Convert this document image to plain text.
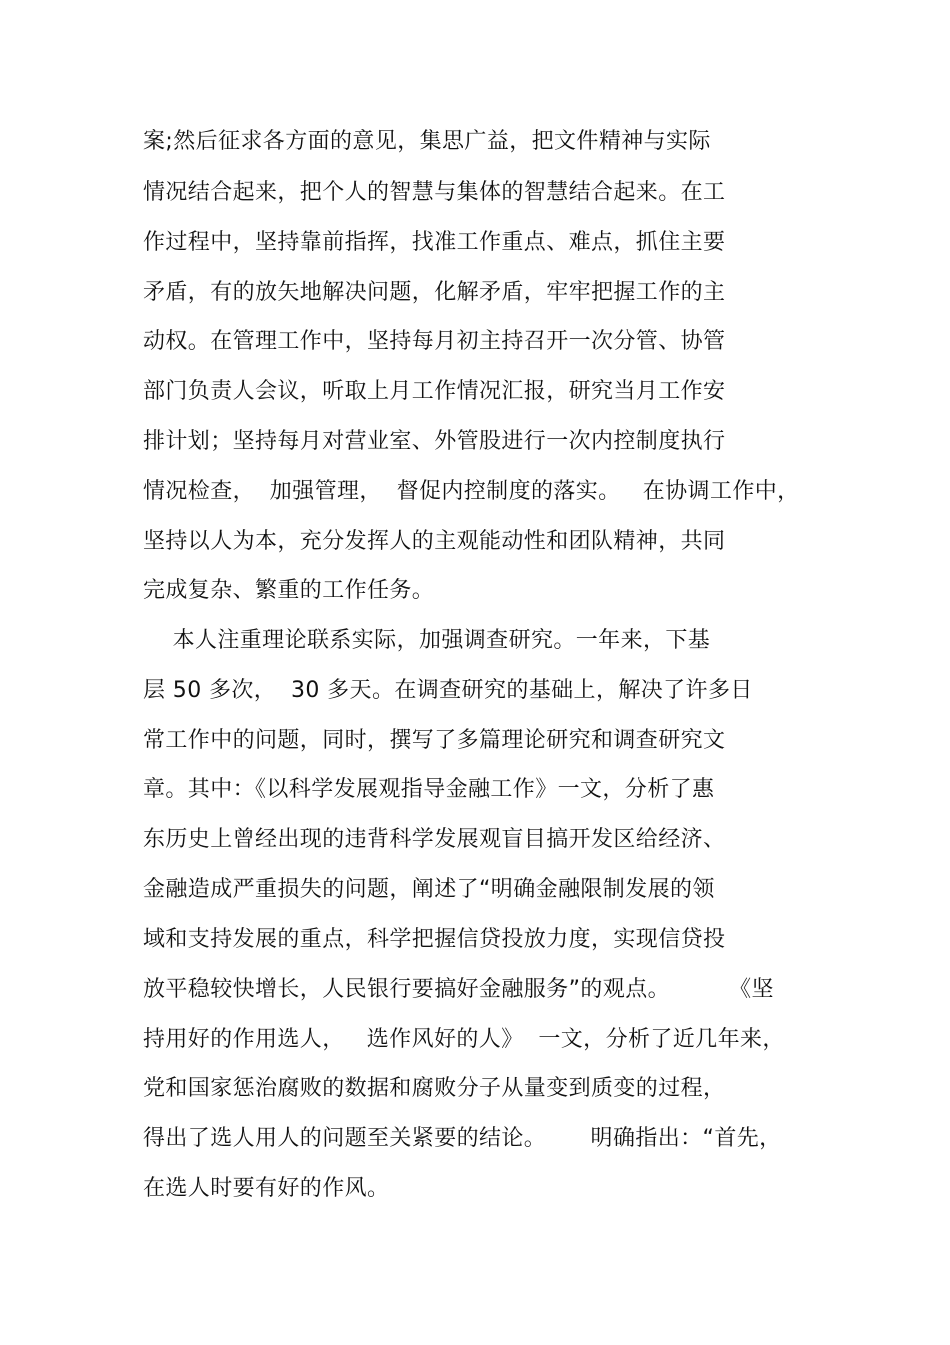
案;然后征求各方面的意见，集思广益，把文件精神与实际
情况结合起来，把个人的智慧与集体的智慧结合起来。在工
作过程中，坚持靠前指挥，找准工作重点、难点，抓住主要
矛盾，有的放矢地解决问题，化解矛盾，牢牢把握工作的主
动权。在管理工作中，坚持每月初主持召开一次分管、协管
部门负责人会议，听取上月工作情况汇报，研究当月工作安
排计划；坚持每月对营业室、外管股进行一次内控制度执行
情况检查，  加强管理，  督促内控制度的落实。   在协调工作中，
坚持以人为本，充分发挥人的主观能动性和团队精神，共同
完成复杂、繁重的工作任务。
本人注重理论联系实际，加强调查研究。一年来，下基
层 50 多次，  30 多天。在调查研究的基础上，解决了许多日
常工作中的问题，同时，撰写了多篇理论研究和调查研究文
章。其中：《以科学发展观指导金融工作》一文，分析了惠
东历史上曾经出现的违背科学发展观盲目搞开发区给经济、
金融造成严重损失的问题，阐述了“明确金融限制发展的领
域和支持发展的重点，科学把握信贷投放力度，实现信贷投
放平稳较快增长，人民银行要搞好金融服务”的观点。        《坚
持用好的作用选人，   选作风好的人》  一文，分析了近几年来，
党和国家惩治腐败的数据和腐败分子从量变到质变的过程，
得出了选人用人的问题至关紧要的结论。      明确指出：“首先，
在选人时要有好的作风。
